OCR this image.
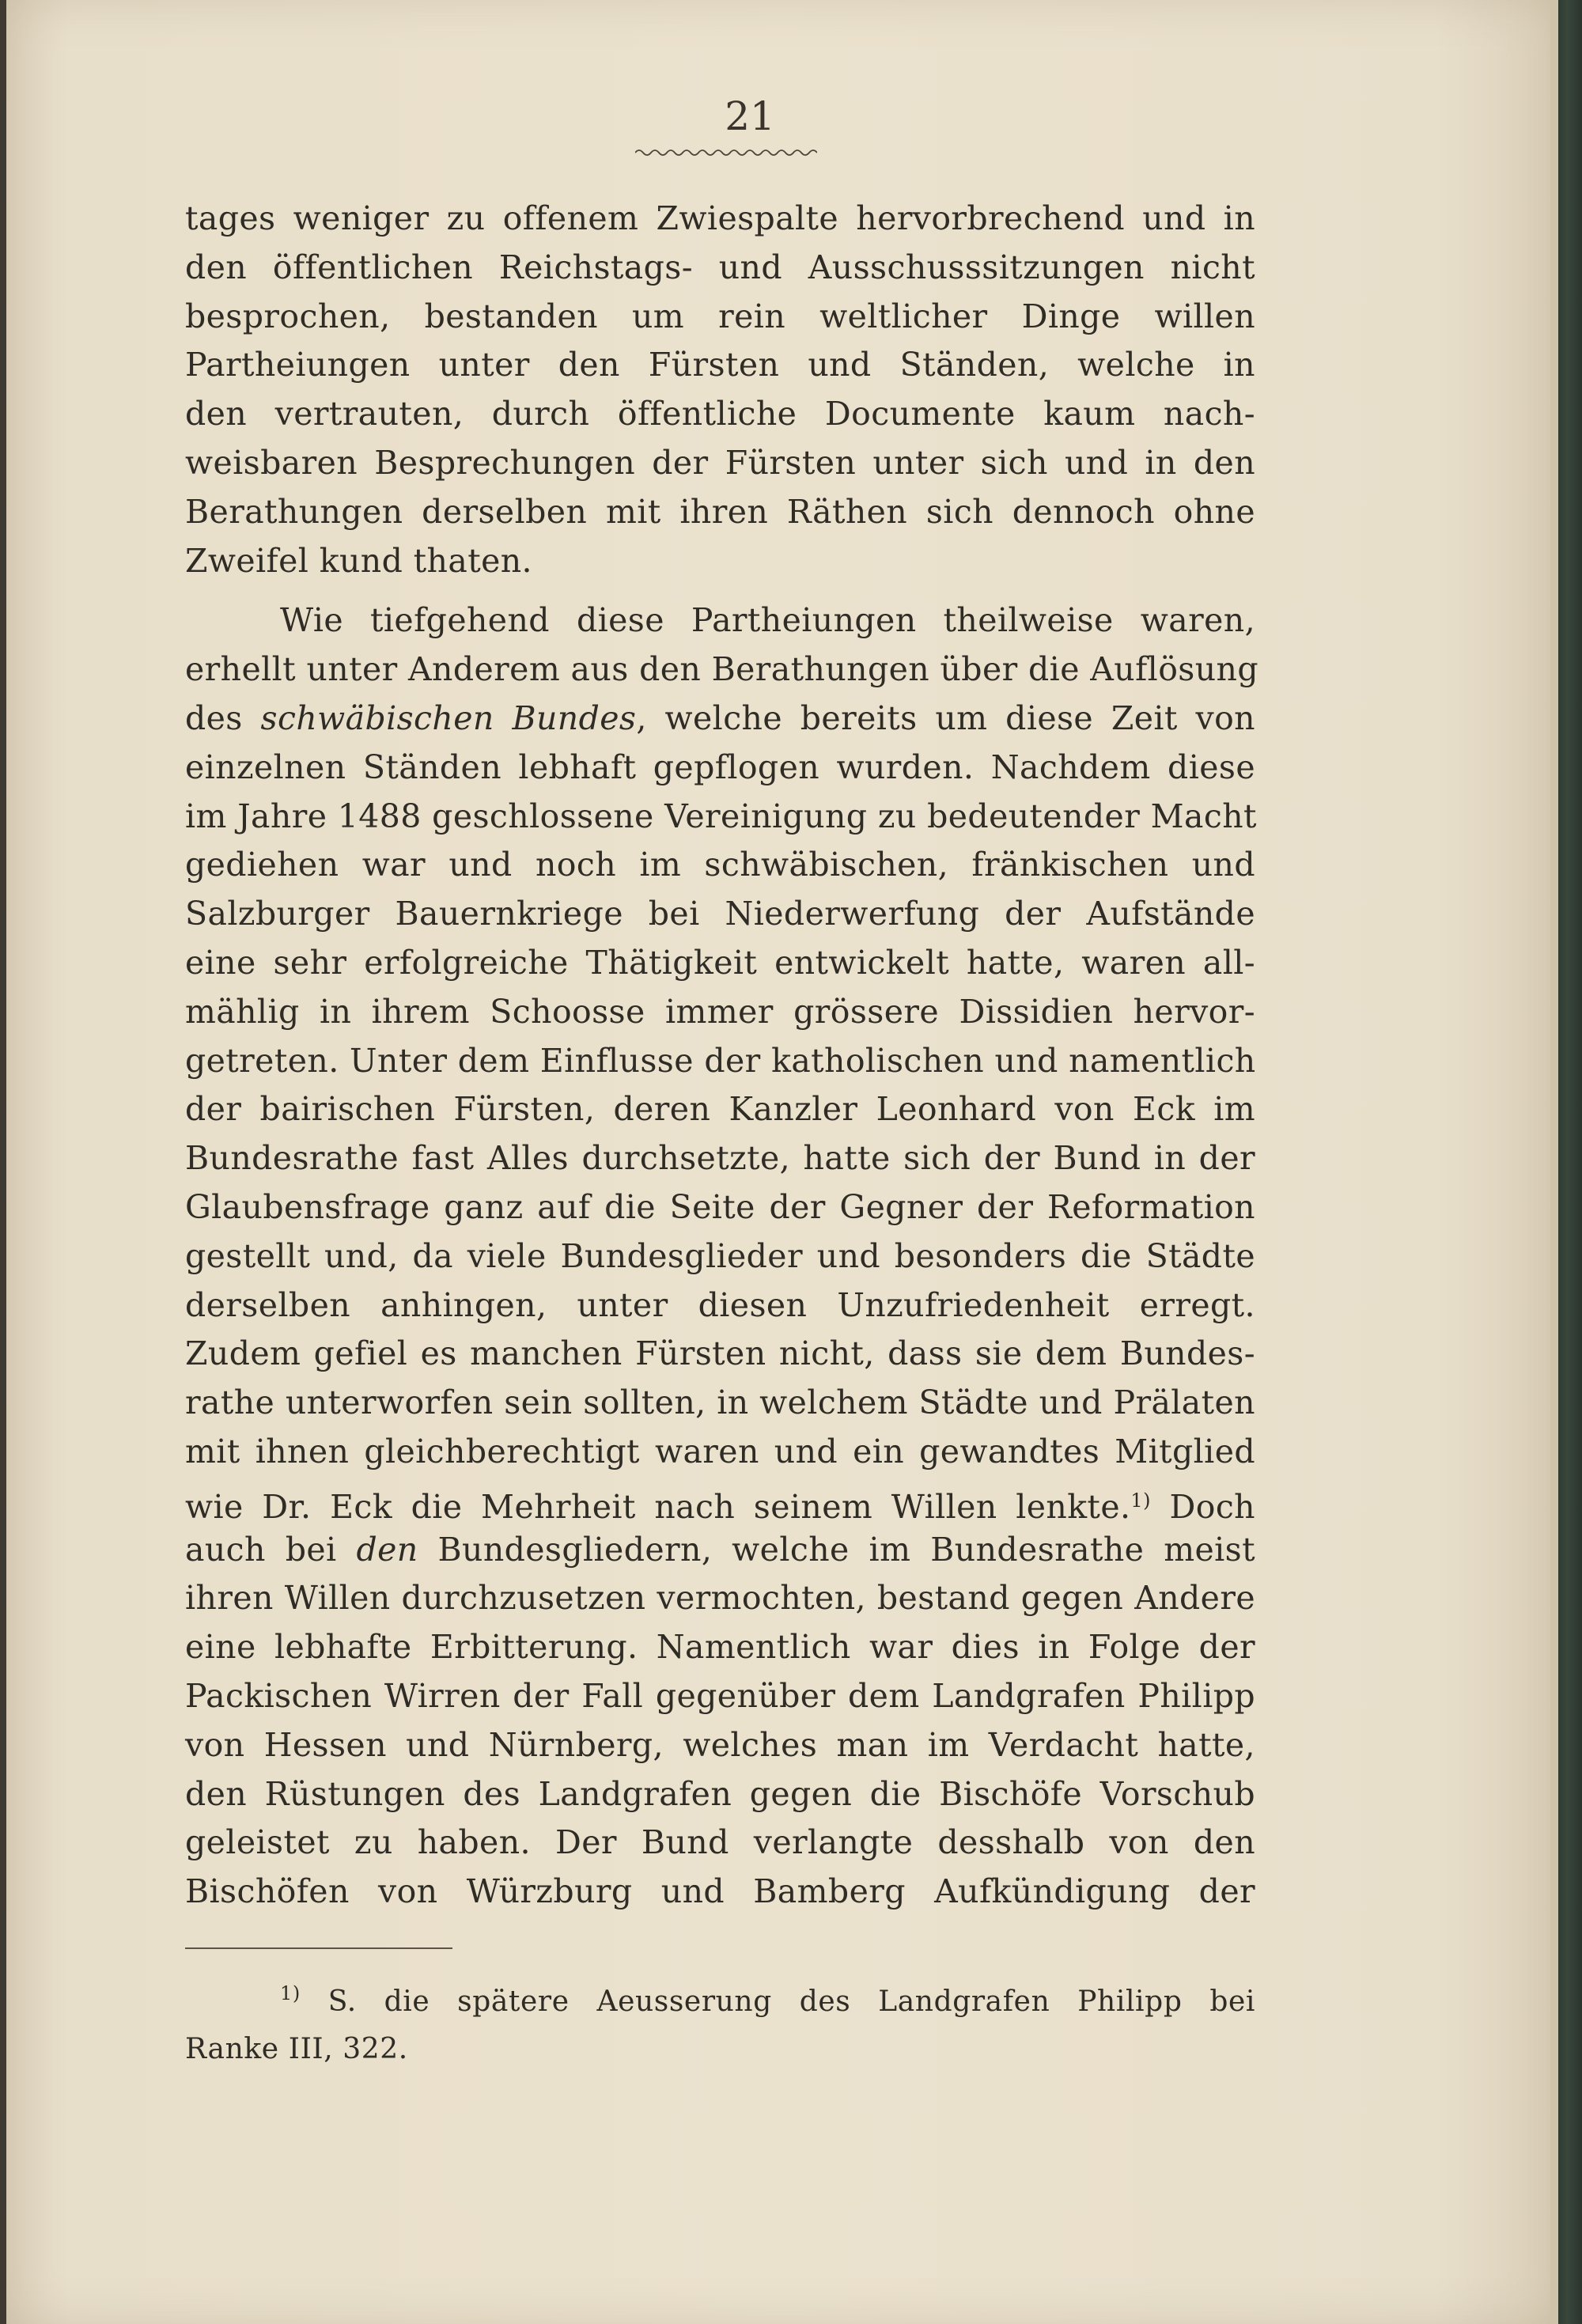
21
tages weniger zu offenem Zwiespalte hervorbrechend und in
den öffentlichen Reichstags- und Ausschusssitzungen nicht
besprochen, bestanden um rein weltlicher Dinge willen
Partheiungen unter den Fürsten und Ständen, welche in
den vertrauten, durch öffentliche Documente kaum nach-
weisbaren Besprechungen der Fürsten unter sich und in den
Berathungen derselben mit ihren Räthen sich dennoch ohne
Zweifel kund thaten.
Wie tiefgehend diese Partheiungen theilweise waren,
erhellt unter Anderem aus den Berathungen über die Auflösung
des schwäbischen Bundes, welche bereits um diese Zeit von
einzelnen Ständen lebhaft gepflogen wurden. Nachdem diese
im Jahre 1488 geschlossene Vereinigung zu bedeutender Macht
gediehen war und noch im schwäbischen, fränkischen und
Salzburger Bauernkriege bei Niederwerfung der Aufstände
eine sehr erfolgreiche Thätigkeit entwickelt hatte, waren all-
mählig in ihrem Schoosse immer grössere Dissidien hervor-
getreten. Unter dem Einflusse der katholischen und namentlich
der bairischen Fürsten, deren Kanzler Leonhard von Eck im
Bundesrathe fast Alles durchsetzte, hatte sich der Bund in der
Glaubensfrage ganz auf die Seite der Gegner der Reformation
gestellt und, da viele Bundesglieder und besonders die Städte
derselben anhingen, unter diesen Unzufriedenheit erregt.
Zudem gefiel es manchen Fürsten nicht, dass sie dem Bundes-
rathe unterworfen sein sollten, in welchem Städte und Prälaten
mit ihnen gleichberechtigt waren und ein gewandtes Mitglied
wie Dr. Eck die Mehrheit nach seinem Willen lenkte.$^{1)}$ Doch
auch bei den Bundesgliedern, welche im Bundesrathe meist
ihren Willen durchzusetzen vermochten, bestand gegen Andere
eine lebhafte Erbitterung. Namentlich war dies in Folge der
Packischen Wirren der Fall gegenüber dem Landgrafen Philipp
von Hessen und Nürnberg, welches man im Verdacht hatte,
den Rüstungen des Landgrafen gegen die Bischöfe Vorschub
geleistet zu haben. Der Bund verlangte desshalb von den
Bischöfen von Würzburg und Bamberg Aufkündigung der
$^{1)}$ S. die spätere Aeusserung des Landgrafen Philipp bei
Ranke III, 322.
